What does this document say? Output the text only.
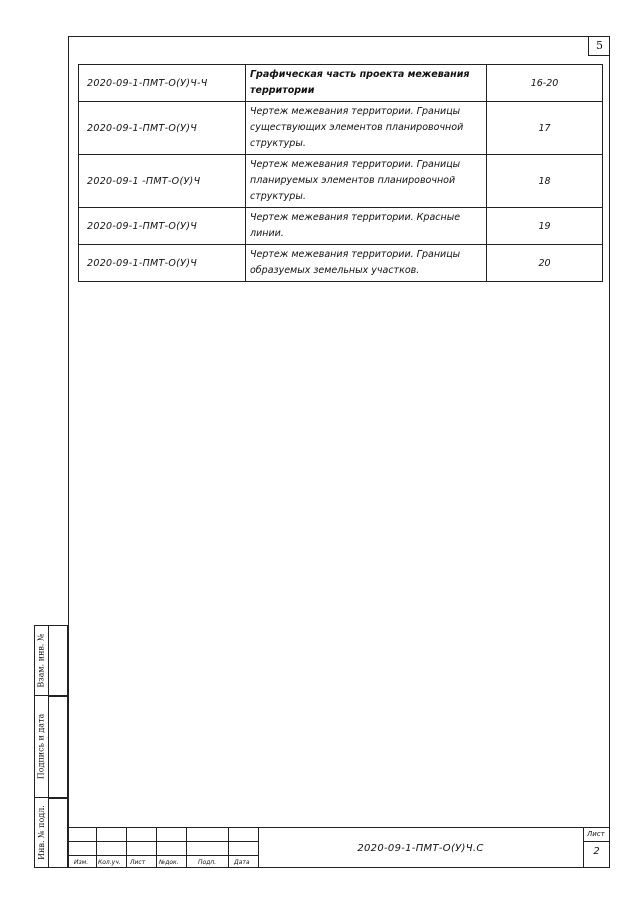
5
2020-09-1-ПМТ-О(У)Ч-Ч	Графическая часть проекта межевания территории	16-20
2020-09-1-ПМТ-О(У)Ч	Чертеж межевания территории. Границы существующих элементов планировочной структуры.	17
2020-09-1 -ПМТ-О(У)Ч	Чертеж межевания территории. Границы планируемых элементов планировочной структуры.	18
2020-09-1-ПМТ-О(У)Ч	Чертеж межевания территории. Красные линии.	19
2020-09-1-ПМТ-О(У)Ч	Чертеж межевания территории. Границы образуемых земельных участков.	20
Взам. инв. №
Подпись и дата
Инв. № подл.
Изм. Кол.уч. Лист №док.	Подп.	Дата
2020-09-1-ПМТ-О(У)Ч.С
Лист
2
